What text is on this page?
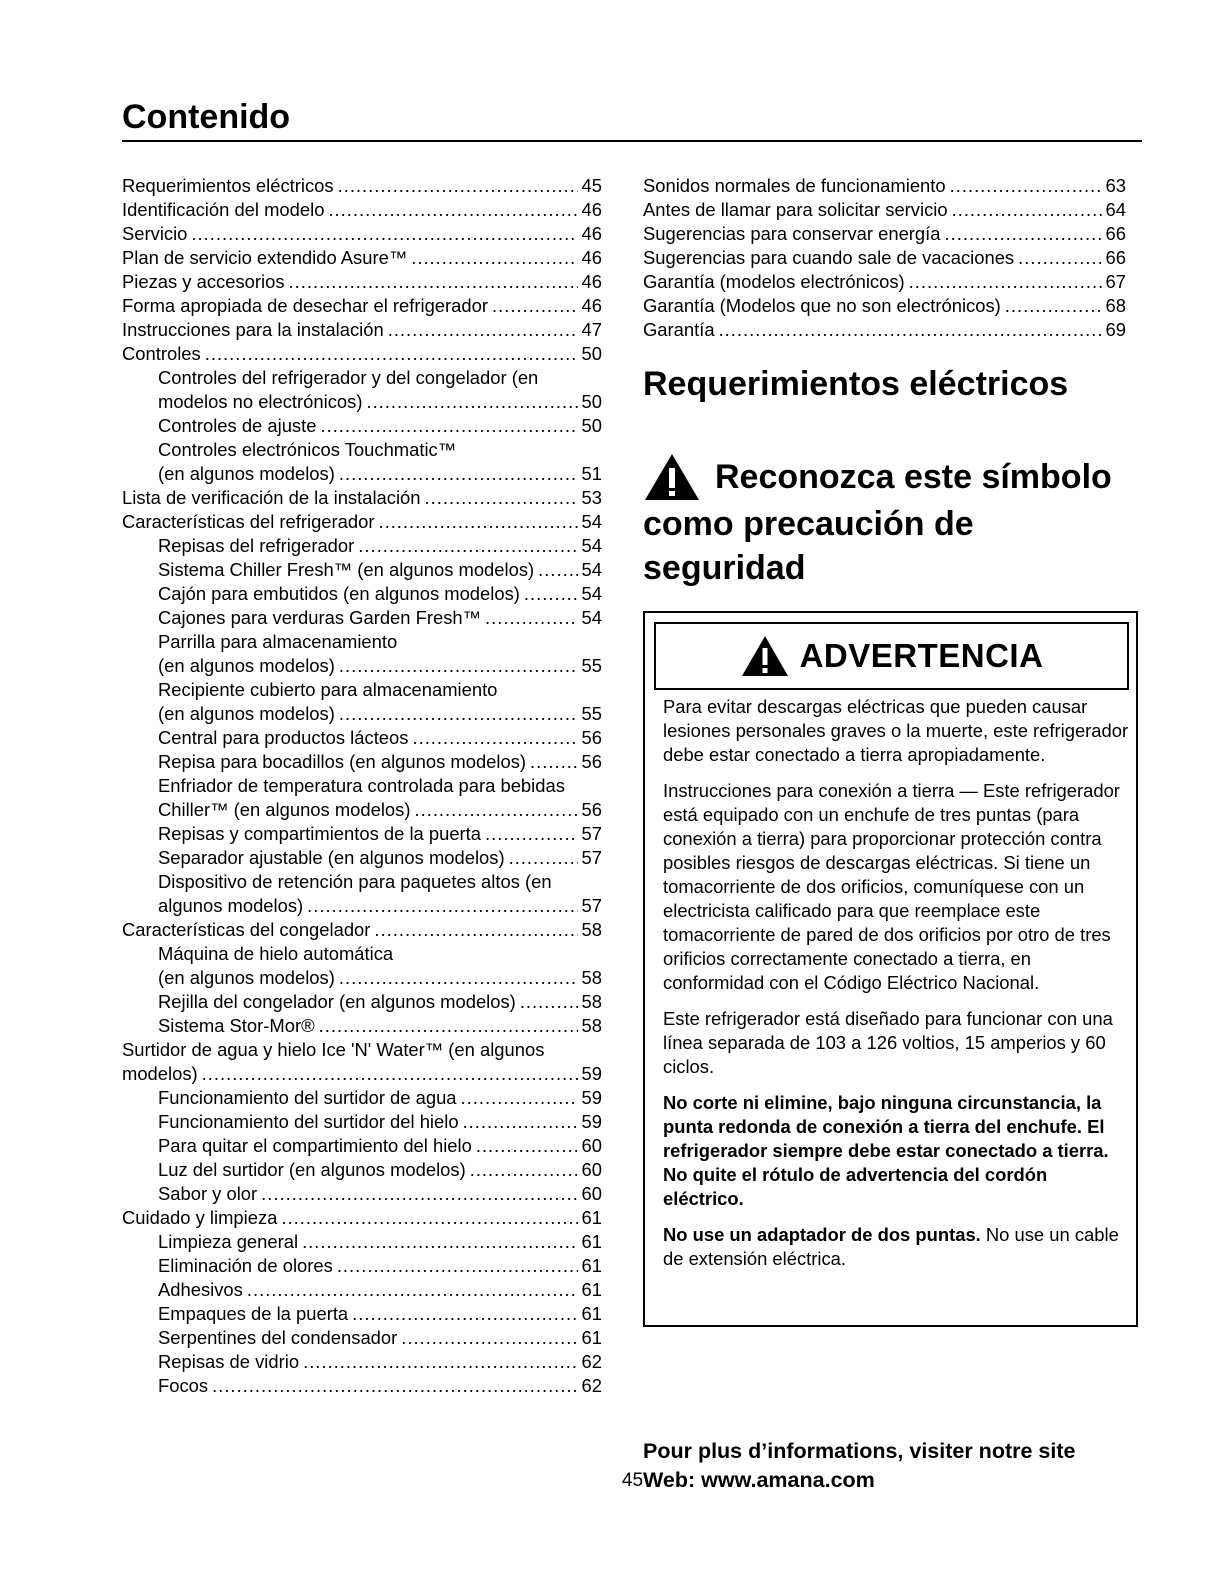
Contenido
Requerimientos eléctricos .....	45
Identificación del modelo .....	46
Servicio .....	46
Plan de servicio extendido Asure™ .....	46
Piezas y accesorios .....	46
Forma apropiada de desechar el refrigerador .....	46
Instrucciones para la instalación .....	47
Controles .....	50
Controles del refrigerador y del congelador (en
modelos no electrónicos) .....	50
Controles de ajuste .....	50
Controles electrónicos Touchmatic™
(en algunos modelos) .....	51
Lista de verificación de la instalación .....	53
Características del refrigerador .....	54
Repisas del refrigerador .....	54
Sistema Chiller Fresh™ (en algunos modelos) .....	54
Cajón para embutidos (en algunos modelos) .....	54
Cajones para verduras Garden Fresh™ .....	54
Parrilla para almacenamiento
(en algunos modelos) .....	55
Recipiente cubierto para almacenamiento
(en algunos modelos) .....	55
Central para productos lácteos .....	56
Repisa para bocadillos (en algunos modelos) .....	56
Enfriador de temperatura controlada para bebidas
Chiller™ (en algunos modelos) .....	56
Repisas y compartimientos de la puerta .....	57
Separador ajustable (en algunos modelos) .....	57
Dispositivo de retención para paquetes altos (en
algunos modelos) .....	57
Características del congelador .....	58
Máquina de hielo automática
(en algunos modelos) .....	58
Rejilla del congelador (en algunos modelos) .....	58
Sistema Stor-Mor® .....	58
Surtidor de agua y hielo Ice 'N' Water™ (en algunos
modelos) .....	59
Funcionamiento del surtidor de agua .....	59
Funcionamiento del surtidor del hielo .....	59
Para quitar el compartimiento del hielo .....	60
Luz del surtidor (en algunos modelos) .....	60
Sabor y olor .....	60
Cuidado y limpieza .....	61
Limpieza general .....	61
Eliminación de olores .....	61
Adhesivos .....	61
Empaques de la puerta .....	61
Serpentines del condensador .....	61
Repisas de vidrio .....	62
Focos .....	62
Sonidos normales de funcionamiento .....	63
Antes de llamar para solicitar servicio .....	64
Sugerencias para conservar energía .....	66
Sugerencias para cuando sale de vacaciones .....	66
Garantía (modelos electrónicos) .....	67
Garantía (Modelos que no son electrónicos) .....	68
Garantía .....	69
Requerimientos eléctricos
Reconozca este símbolo
como precaución de
seguridad
ADVERTENCIA

Para evitar descargas eléctricas que pueden causar lesiones personales graves o la muerte, este refrigerador debe estar conectado a tierra apropiadamente.

Instrucciones para conexión a tierra — Este refrigerador está equipado con un enchufe de tres puntas (para conexión a tierra) para proporcionar protección contra posibles riesgos de descargas eléctricas. Si tiene un tomacorriente de dos orificios, comuníquese con un electricista calificado para que reemplace este tomacorriente de pared de dos orificios por otro de tres orificios correctamente conectado a tierra, en conformidad con el Código Eléctrico Nacional.

Este refrigerador está diseñado para funcionar con una línea separada de 103 a 126 voltios, 15 amperios y 60 ciclos.

No corte ni elimine, bajo ninguna circunstancia, la punta redonda de conexión a tierra del enchufe. El refrigerador siempre debe estar conectado a tierra. No quite el rótulo de advertencia del cordón eléctrico.

No use un adaptador de dos puntas. No use un cable de extensión eléctrica.

Pour plus d’informations, visiter notre site
Web: www.amana.com
45
